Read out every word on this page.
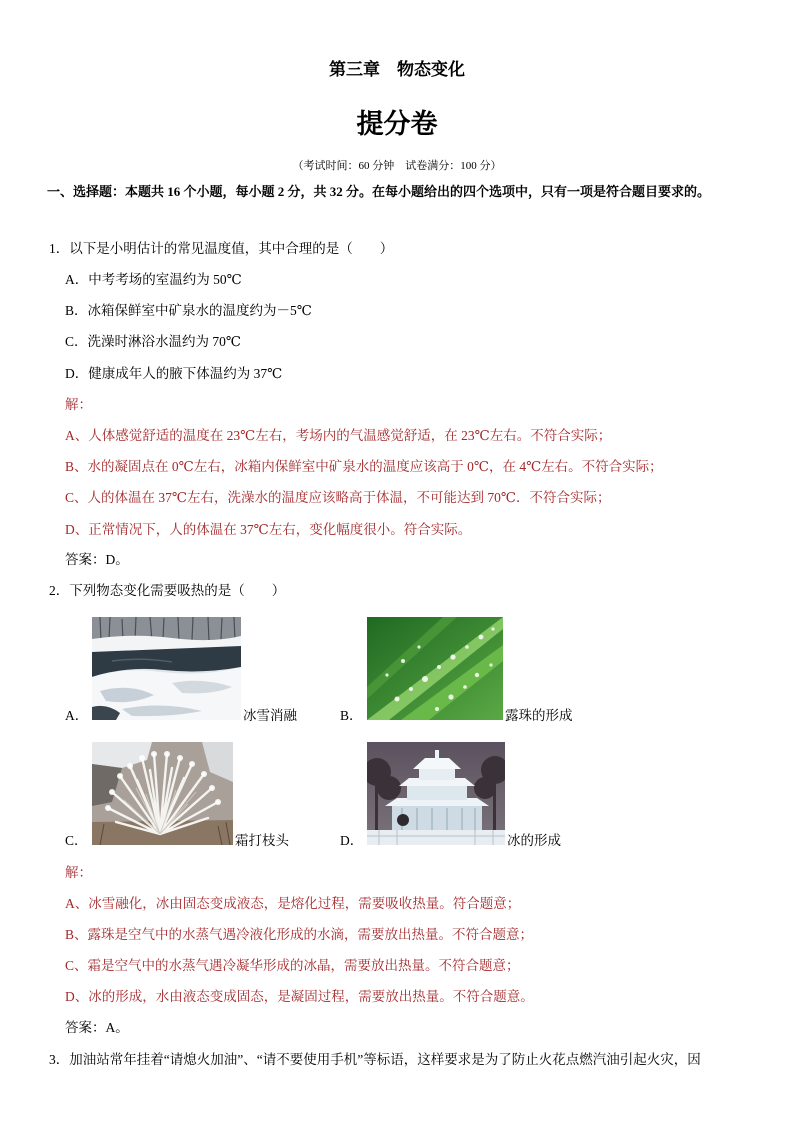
第三章　物态变化
提分卷
（考试时间：60 分钟　试卷满分：100 分）
一、选择题：本题共 16 个小题，每小题 2 分，共 32 分。在每小题给出的四个选项中，只有一项是符合题目要求的。
1．以下是小明估计的常见温度值，其中合理的是（　　）
A．中考考场的室温约为 50℃
B．冰箱保鲜室中矿泉水的温度约为－5℃
C．洗澡时淋浴水温约为 70℃
D．健康成年人的腋下体温约为 37℃
解：
A、人体感觉舒适的温度在 23℃左右，考场内的气温感觉舒适，在 23℃左右。不符合实际；
B、水的凝固点在 0℃左右，冰箱内保鲜室中矿泉水的温度应该高于 0℃，在 4℃左右。不符合实际；
C、人的体温在 37℃左右，洗澡水的温度应该略高于体温，不可能达到 70℃．不符合实际；
D、正常情况下，人的体温在 37℃左右，变化幅度很小。符合实际。
答案：D。
2．下列物态变化需要吸热的是（　　）
A．	冰雪消融	B．	露珠的形成
C．	霜打枝头	D．	冰的形成
解：
A、冰雪融化，冰由固态变成液态，是熔化过程，需要吸收热量。符合题意；
B、露珠是空气中的水蒸气遇冷液化形成的水滴，需要放出热量。不符合题意；
C、霜是空气中的水蒸气遇冷凝华形成的冰晶，需要放出热量。不符合题意；
D、冰的形成，水由液态变成固态，是凝固过程，需要放出热量。不符合题意。
答案：A。
3．加油站常年挂着“请熄火加油”、“请不要使用手机”等标语，这样要求是为了防止火花点燃汽油引起火灾，因
